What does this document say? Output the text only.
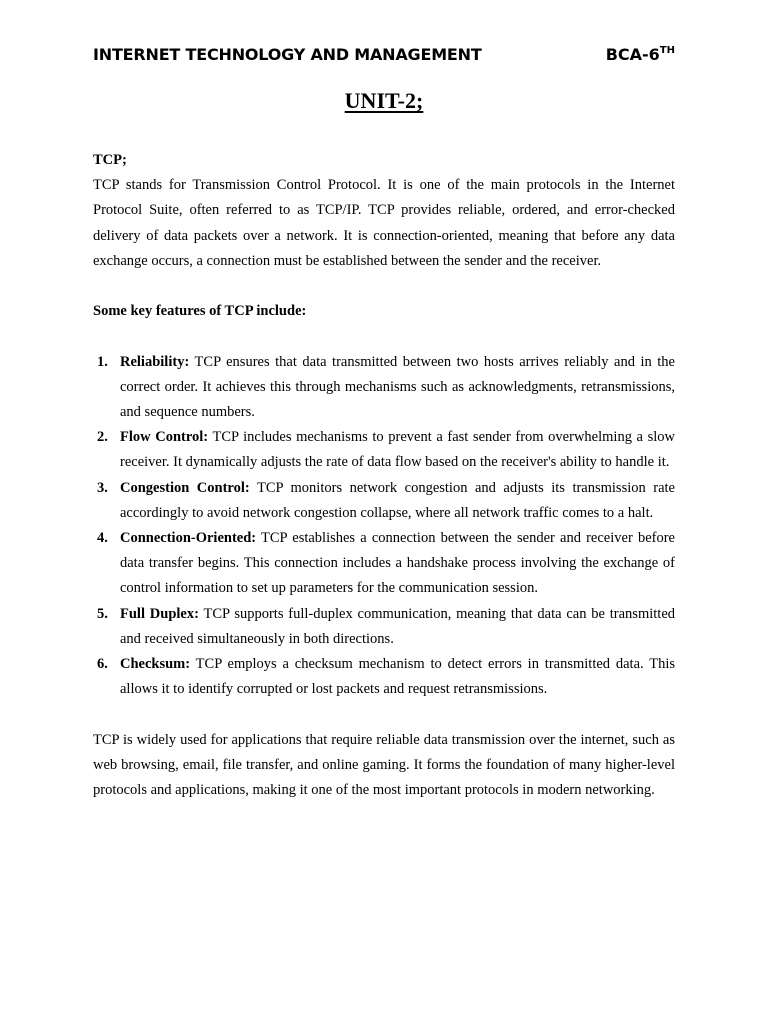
INTERNET TECHNOLOGY AND MANAGEMENT	BCA-6TH
UNIT-2;

TCP;

TCP stands for Transmission Control Protocol. It is one of the main protocols in the Internet Protocol Suite, often referred to as TCP/IP. TCP provides reliable, ordered, and error-checked delivery of data packets over a network. It is connection-oriented, meaning that before any data exchange occurs, a connection must be established between the sender and the receiver.

Some key features of TCP include:

1. Reliability: TCP ensures that data transmitted between two hosts arrives reliably and in the correct order. It achieves this through mechanisms such as acknowledgments, retransmissions, and sequence numbers.
2. Flow Control: TCP includes mechanisms to prevent a fast sender from overwhelming a slow receiver. It dynamically adjusts the rate of data flow based on the receiver's ability to handle it.
3. Congestion Control: TCP monitors network congestion and adjusts its transmission rate accordingly to avoid network congestion collapse, where all network traffic comes to a halt.
4. Connection-Oriented: TCP establishes a connection between the sender and receiver before data transfer begins. This connection includes a handshake process involving the exchange of control information to set up parameters for the communication session.
5. Full Duplex: TCP supports full-duplex communication, meaning that data can be transmitted and received simultaneously in both directions.
6. Checksum: TCP employs a checksum mechanism to detect errors in transmitted data. This allows it to identify corrupted or lost packets and request retransmissions.

TCP is widely used for applications that require reliable data transmission over the internet, such as web browsing, email, file transfer, and online gaming. It forms the foundation of many higher-level protocols and applications, making it one of the most important protocols in modern networking.
